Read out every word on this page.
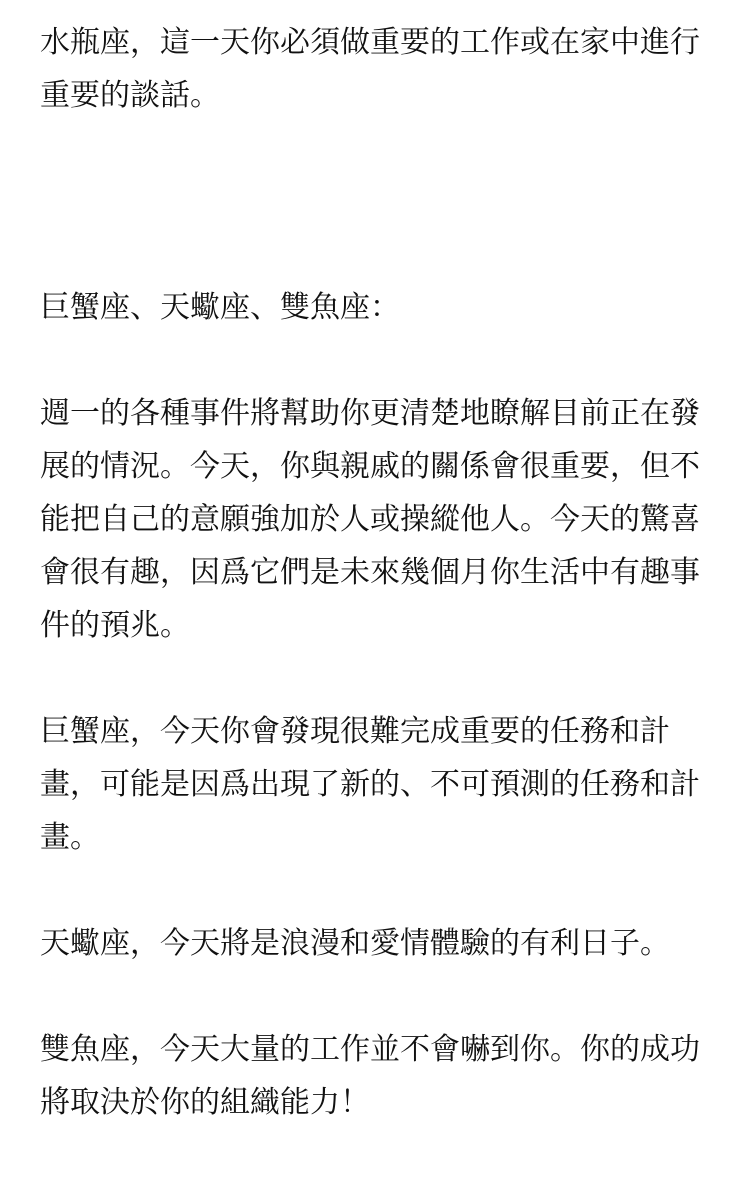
水瓶座，這一天你必須做重要的工作或在家中進行
重要的談話。

巨蟹座、天蠍座、雙魚座：

週一的各種事件將幫助你更清楚地瞭解目前正在發
展的情況。今天，你與親戚的關係會很重要，但不
能把自己的意願強加於人或操縱他人。今天的驚喜
會很有趣，因爲它們是未來幾個月你生活中有趣事
件的預兆。

巨蟹座，今天你會發現很難完成重要的任務和計
畫，可能是因爲出現了新的、不可預測的任務和計
畫。

天蠍座，今天將是浪漫和愛情體驗的有利日子。

雙魚座，今天大量的工作並不會嚇到你。你的成功
將取決於你的組織能力！
